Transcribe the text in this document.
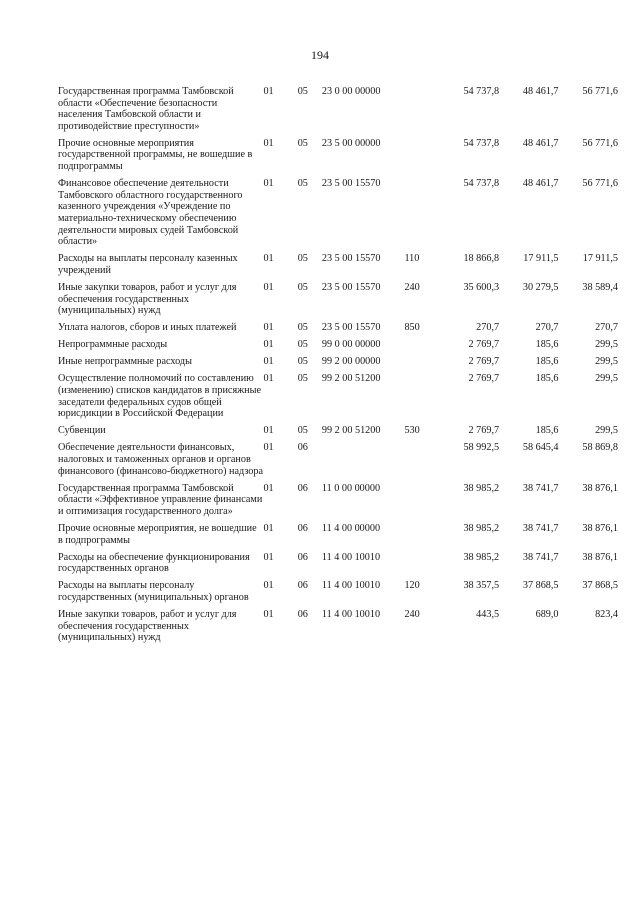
194
Государственная программа Тамбовской области «Обеспечение безопасности населения Тамбовской области и противодействие преступности»	01	05	23 0 00 00000		54 737,8	48 461,7	56 771,6
Прочие основные мероприятия государственной программы, не вошедшие в подпрограммы	01	05	23 5 00 00000		54 737,8	48 461,7	56 771,6
Финансовое обеспечение деятельности Тамбовского областного государственного казенного учреждения «Учреждение по материально-техническому обеспечению деятельности мировых судей Тамбовской области»	01	05	23 5 00 15570		54 737,8	48 461,7	56 771,6
Расходы на выплаты персоналу казенных учреждений	01	05	23 5 00 15570	110	18 866,8	17 911,5	17 911,5
Иные закупки товаров, работ и услуг для обеспечения государственных (муниципальных) нужд	01	05	23 5 00 15570	240	35 600,3	30 279,5	38 589,4
Уплата налогов, сборов и иных платежей	01	05	23 5 00 15570	850	270,7	270,7	270,7
Непрограммные расходы	01	05	99 0 00 00000		2 769,7	185,6	299,5
Иные непрограммные расходы	01	05	99 2 00 00000		2 769,7	185,6	299,5
Осуществление полномочий по составлению (изменению) списков кандидатов в присяжные заседатели федеральных судов общей юрисдикции в Российской Федерации	01	05	99 2 00 51200		2 769,7	185,6	299,5
Субвенции	01	05	99 2 00 51200	530	2 769,7	185,6	299,5
Обеспечение деятельности финансовых, налоговых и таможенных органов и органов финансового (финансово-бюджетного) надзора	01	06			58 992,5	58 645,4	58 869,8
Государственная программа Тамбовской области «Эффективное управление финансами и оптимизация государственного долга»	01	06	11 0 00 00000		38 985,2	38 741,7	38 876,1
Прочие основные мероприятия, не вошедшие в подпрограммы	01	06	11 4 00 00000		38 985,2	38 741,7	38 876,1
Расходы на обеспечение функционирования государственных органов	01	06	11 4 00 10010		38 985,2	38 741,7	38 876,1
Расходы на выплаты персоналу государственных (муниципальных) органов	01	06	11 4 00 10010	120	38 357,5	37 868,5	37 868,5
Иные закупки товаров, работ и услуг для обеспечения государственных (муниципальных) нужд	01	06	11 4 00 10010	240	443,5	689,0	823,4
